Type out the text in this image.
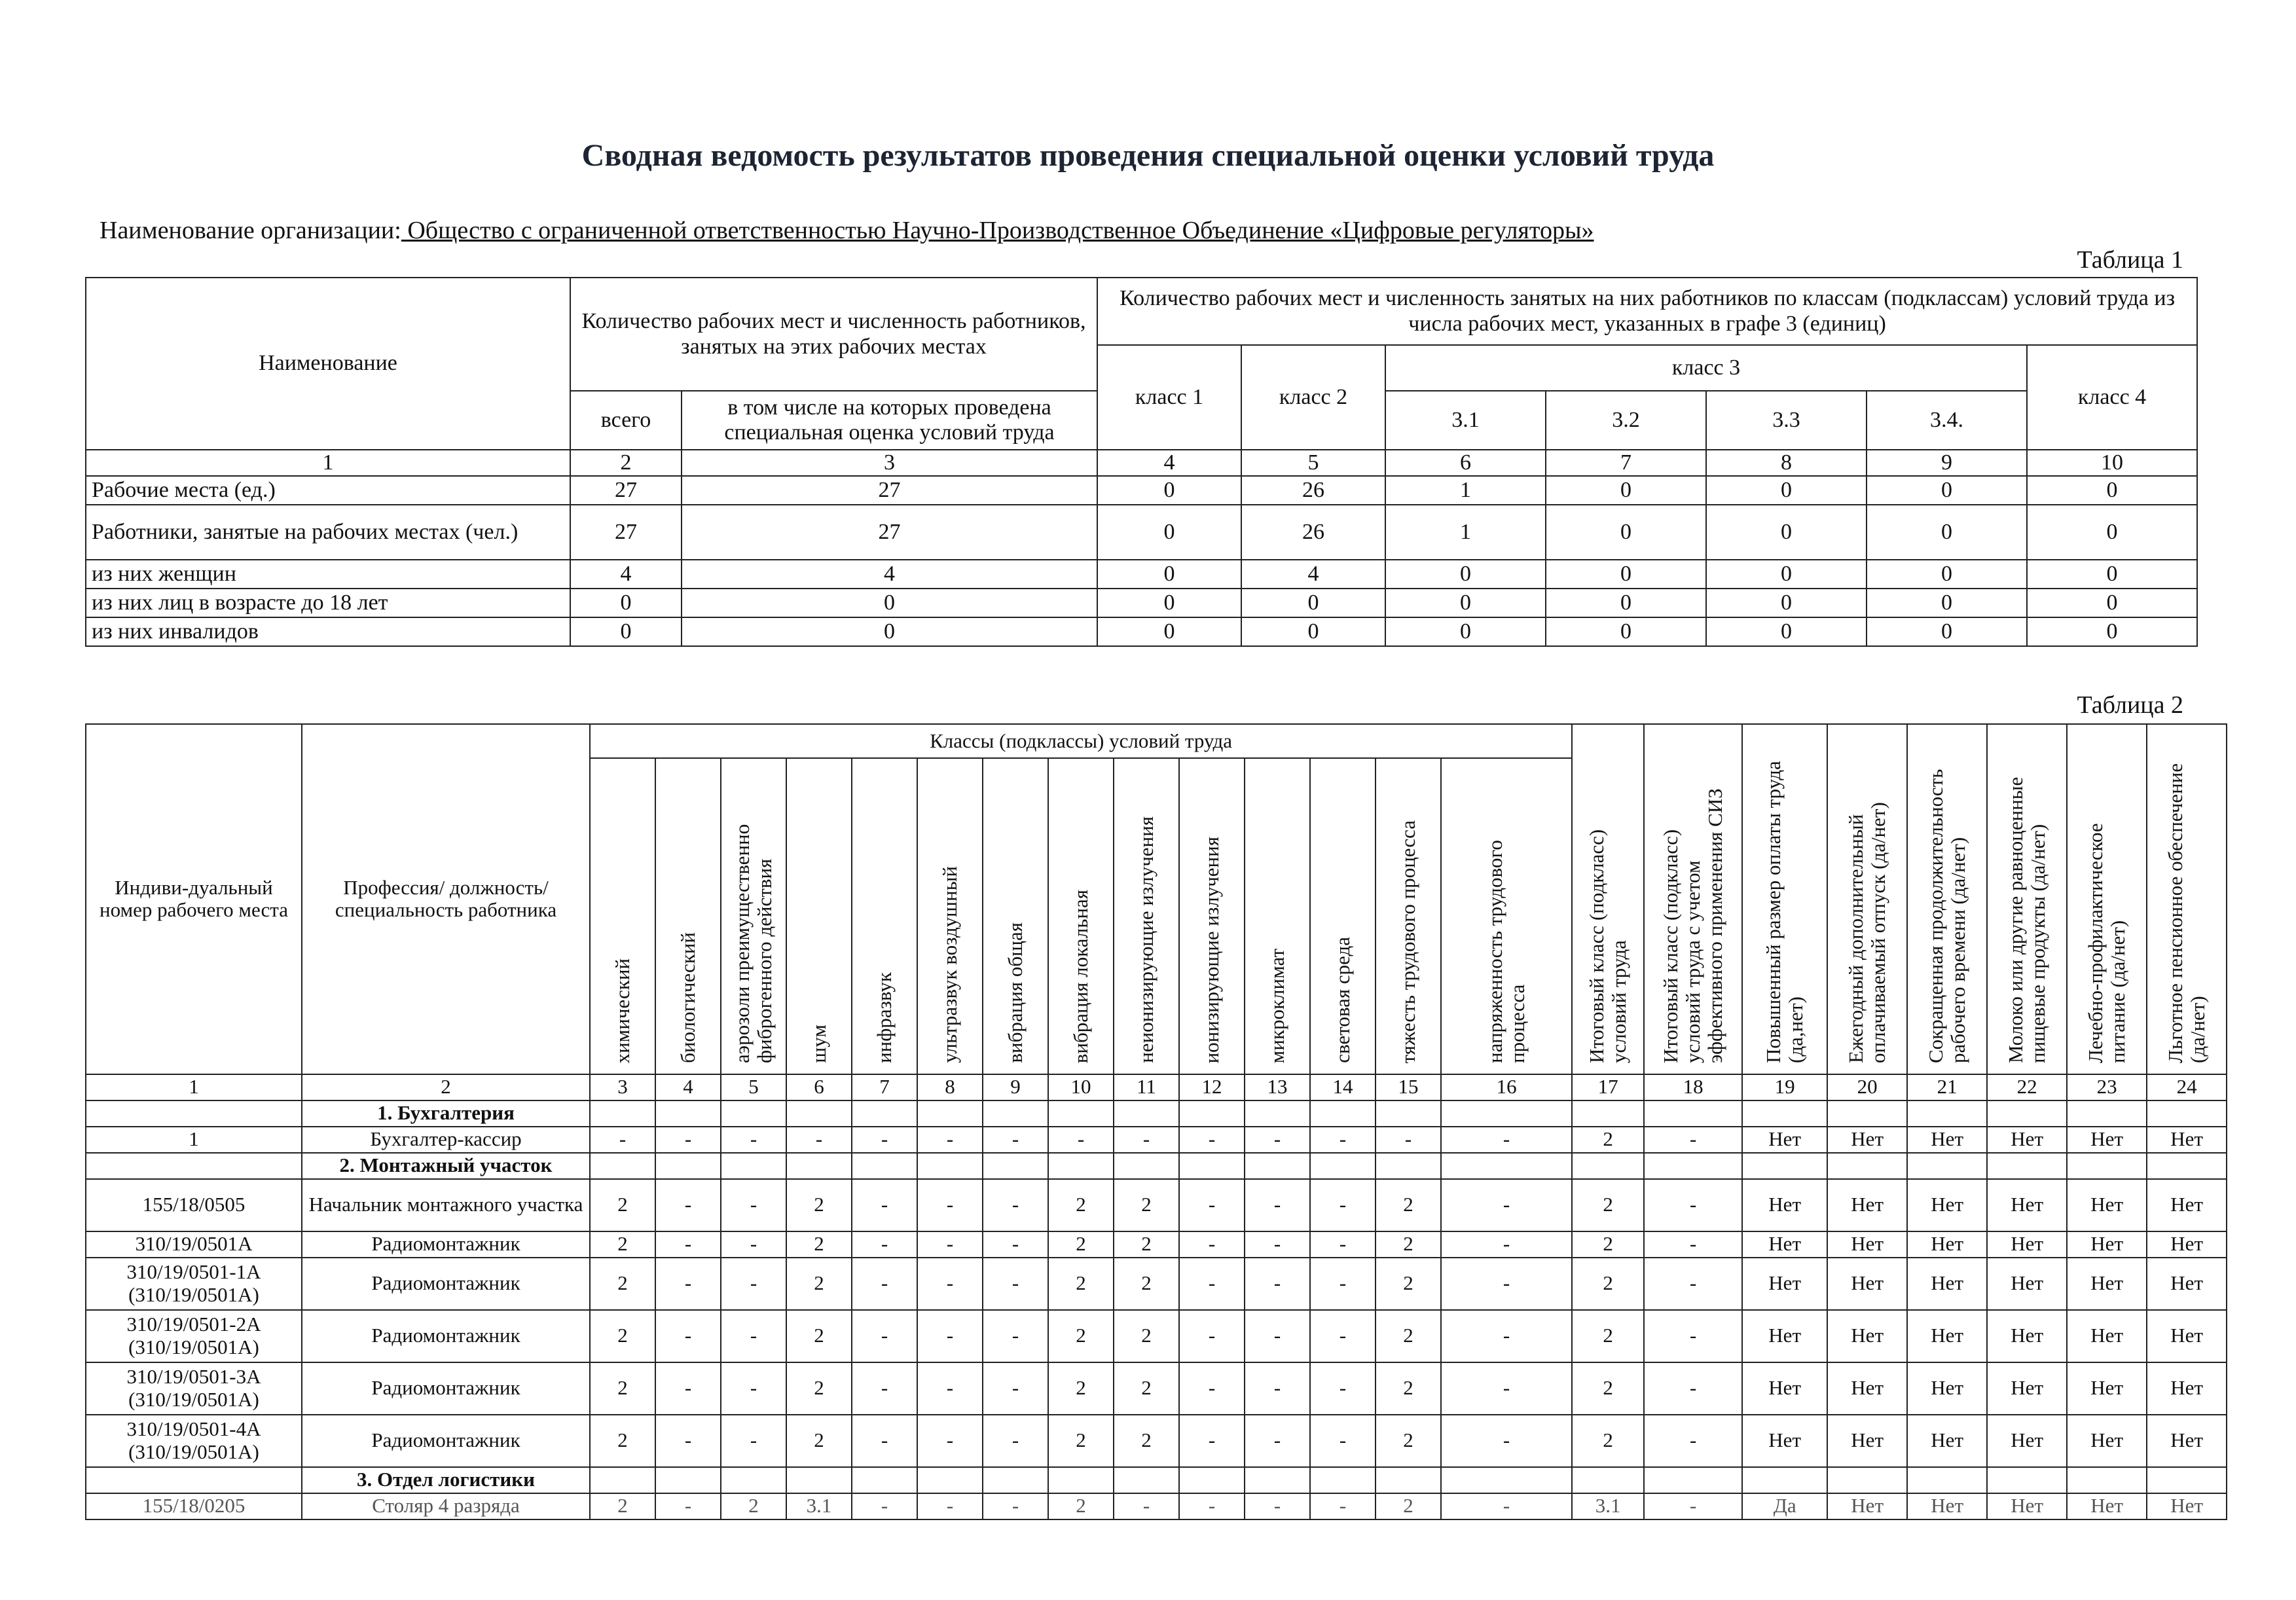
Сводная ведомость результатов проведения специальной оценки условий труда
Наименование организации: Общество с ограниченной ответственностью Научно-Производственное Объединение «Цифровые регуляторы»
Таблица 1
Наименование	Количество рабочих мест и численность работников, занятых на этих рабочих местах		Количество рабочих мест и численность занятых на них работников по классам (подклассам) условий труда из числа рабочих мест, указанных в графе 3 (единиц)						
			класс 1	класс 2	класс 3				класс 4
	всего	в том числе на которых проведена специальная оценка условий труда			3.1	3.2	3.3	3.4.	
1	2	3	4	5	6	7	8	9	10
Рабочие места (ед.)	27	27	0	26	1	0	0	0	0
Работники, занятые на рабочих местах (чел.)	27	27	0	26	1	0	0	0	0
из них женщин	4	4	0	4	0	0	0	0	0
из них лиц в возрасте до 18 лет	0	0	0	0	0	0	0	0	0
из них инвалидов	0	0	0	0	0	0	0	0	0
Таблица 2
Индиви-дуальный номер рабочего места	Профессия/ должность/ специальность работника	Классы (подклассы) условий труда														Итоговый класс (подкласс) условий труда	Итоговый класс (подкласс) условий труда с учетом эффективного применения СИЗ	Повышенный размер оплаты труда (да,нет)	Ежегодный дополнительный оплачиваемый отпуск (да/нет)	Сокращенная продолжительность рабочего времени (да/нет)	Молоко или другие равноценные пищевые продукты (да/нет)	Лечебно-профилактическое питание (да/нет)	Льготное пенсионное обеспечение (да/нет)
		химический	биологический	аэрозоли преимущественно фиброгенного действия	шум	инфразвук	ультразвук воздушный	вибрация общая	вибрация локальная	неионизирующие излучения	ионизирующие излучения	микроклимат	световая среда	тяжесть трудового процесса	напряженность трудового процесса								
1	2	3	4	5	6	7	8	9	10	11	12	13	14	15	16	17	18	19	20	21	22	23	24
	1. Бухгалтерия																						
1	Бухгалтер-кассир	-	-	-	-	-	-	-	-	-	-	-	-	-	-	2	-	Нет	Нет	Нет	Нет	Нет	Нет
	2. Монтажный участок																						
155/18/0505	Начальник монтажного участка	2	-	-	2	-	-	-	2	2	-	-	-	2	-	2	-	Нет	Нет	Нет	Нет	Нет	Нет
310/19/0501А	Радиомонтажник	2	-	-	2	-	-	-	2	2	-	-	-	2	-	2	-	Нет	Нет	Нет	Нет	Нет	Нет
310/19/0501-1А (310/19/0501А)	Радиомонтажник	2	-	-	2	-	-	-	2	2	-	-	-	2	-	2	-	Нет	Нет	Нет	Нет	Нет	Нет
310/19/0501-2А (310/19/0501А)	Радиомонтажник	2	-	-	2	-	-	-	2	2	-	-	-	2	-	2	-	Нет	Нет	Нет	Нет	Нет	Нет
310/19/0501-3А (310/19/0501А)	Радиомонтажник	2	-	-	2	-	-	-	2	2	-	-	-	2	-	2	-	Нет	Нет	Нет	Нет	Нет	Нет
310/19/0501-4А (310/19/0501А)	Радиомонтажник	2	-	-	2	-	-	-	2	2	-	-	-	2	-	2	-	Нет	Нет	Нет	Нет	Нет	Нет
	3. Отдел логистики																						
155/18/0205	Столяр 4 разряда	2	-	2	3.1	-	-	-	2	-	-	-	-	2	-	3.1	-	Да	Нет	Нет	Нет	Нет	Нет
